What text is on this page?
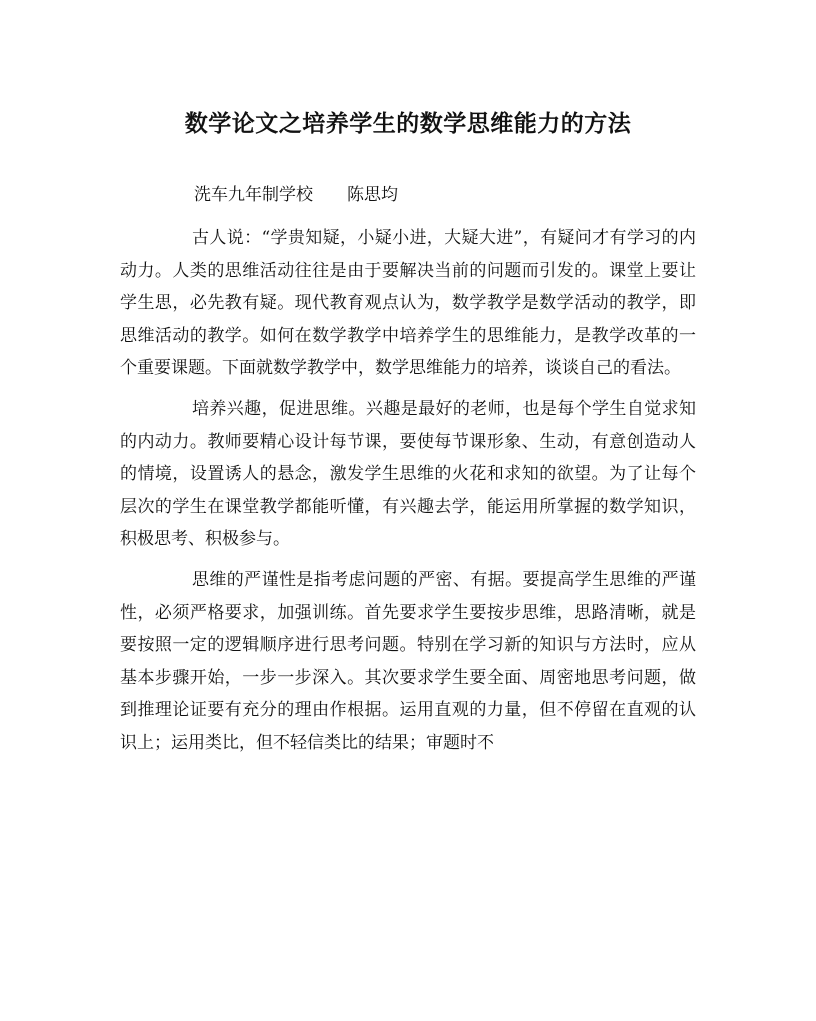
数学论文之培养学生的数学思维能力的方法

洗车九年制学校 陈思均

古人说：“学贵知疑，小疑小进，大疑大进”，有疑问才有学习的内动力。人类的思维活动往往是由于要解决当前的问题而引发的。课堂上要让学生思，必先教有疑。现代教育观点认为，数学教学是数学活动的教学，即思维活动的教学。如何在数学教学中培养学生的思维能力，是教学改革的一个重要课题。下面就数学教学中，数学思维能力的培养，谈谈自己的看法。

培养兴趣，促进思维。兴趣是最好的老师，也是每个学生自觉求知的内动力。教师要精心设计每节课，要使每节课形象、生动，有意创造动人的情境，设置诱人的悬念，激发学生思维的火花和求知的欲望。为了让每个层次的学生在课堂教学都能听懂，有兴趣去学，能运用所掌握的数学知识，积极思考、积极参与。

思维的严谨性是指考虑问题的严密、有据。要提高学生思维的严谨性，必须严格要求，加强训练。首先要求学生要按步思维，思路清晰，就是要按照一定的逻辑顺序进行思考问题。特别在学习新的知识与方法时，应从基本步骤开始，一步一步深入。其次要求学生要全面、周密地思考问题，做到推理论证要有充分的理由作根据。运用直观的力量，但不停留在直观的认识上；运用类比，但不轻信类比的结果；审题时不
